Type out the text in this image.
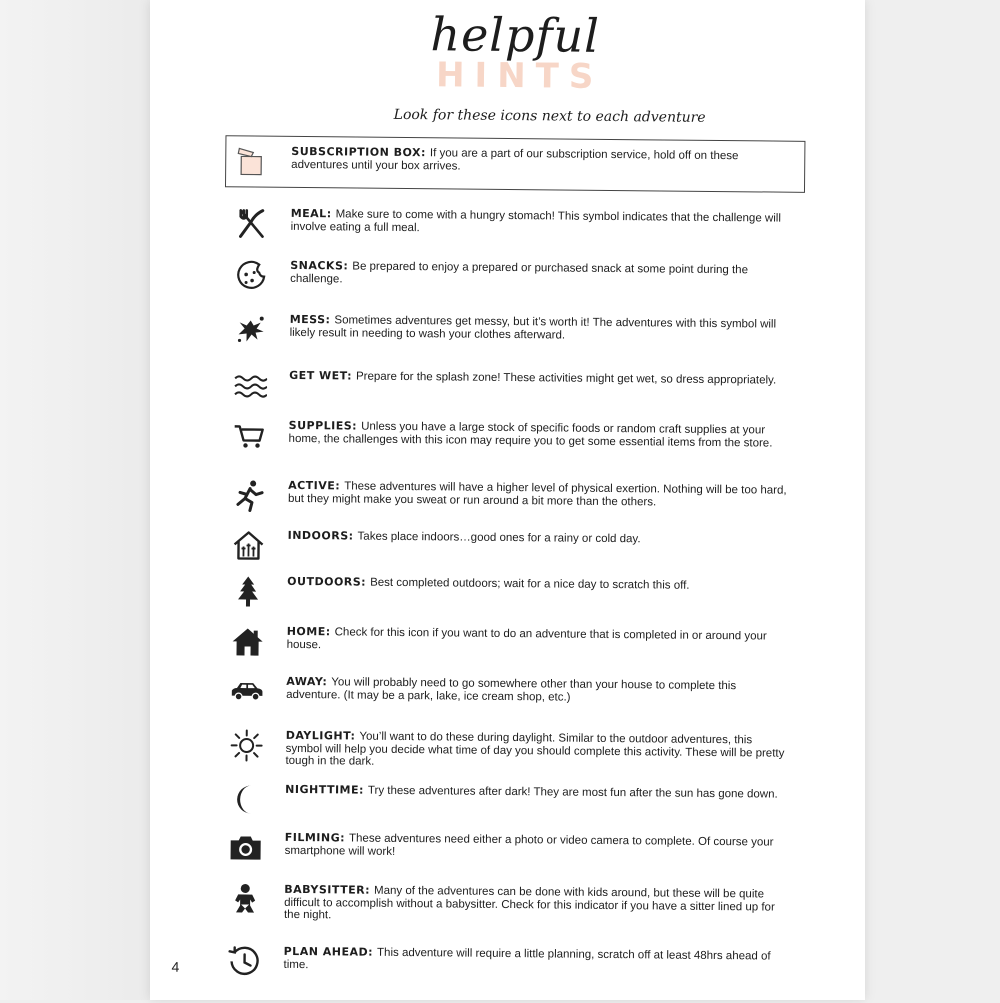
HINTS
helpful
Look for these icons next to each adventure
SUBSCRIPTION BOX: If you are a part of our subscription service, hold off on these adventures until your box arrives.
MEAL: Make sure to come with a hungry stomach! This symbol indicates that the challenge will involve eating a full meal.
SNACKS: Be prepared to enjoy a prepared or purchased snack at some point during the challenge.
MESS: Sometimes adventures get messy, but it’s worth it! The adventures with this symbol will likely result in needing to wash your clothes afterward.
GET WET: Prepare for the splash zone! These activities might get wet, so dress appropriately.
SUPPLIES: Unless you have a large stock of specific foods or random craft supplies at your home, the challenges with this icon may require you to get some essential items from the store.
ACTIVE: These adventures will have a higher level of physical exertion. Nothing will be too hard, but they might make you sweat or run around a bit more than the others.
INDOORS: Takes place indoors…good ones for a rainy or cold day.
OUTDOORS: Best completed outdoors; wait for a nice day to scratch this off.
HOME: Check for this icon if you want to do an adventure that is completed in or around your house.
AWAY: You will probably need to go somewhere other than your house to complete this adventure. (It may be a park, lake, ice cream shop, etc.)
DAYLIGHT: You’ll want to do these during daylight. Similar to the outdoor adventures, this symbol will help you decide what time of day you should complete this activity. These will be pretty tough in the dark.
NIGHTTIME: Try these adventures after dark! They are most fun after the sun has gone down.
FILMING: These adventures need either a photo or video camera to complete. Of course your smartphone will work!
BABYSITTER: Many of the adventures can be done with kids around, but these will be quite difficult to accomplish without a babysitter. Check for this indicator if you have a sitter lined up for the night.
PLAN AHEAD: This adventure will require a little planning, scratch off at least 48hrs ahead of time.
4
